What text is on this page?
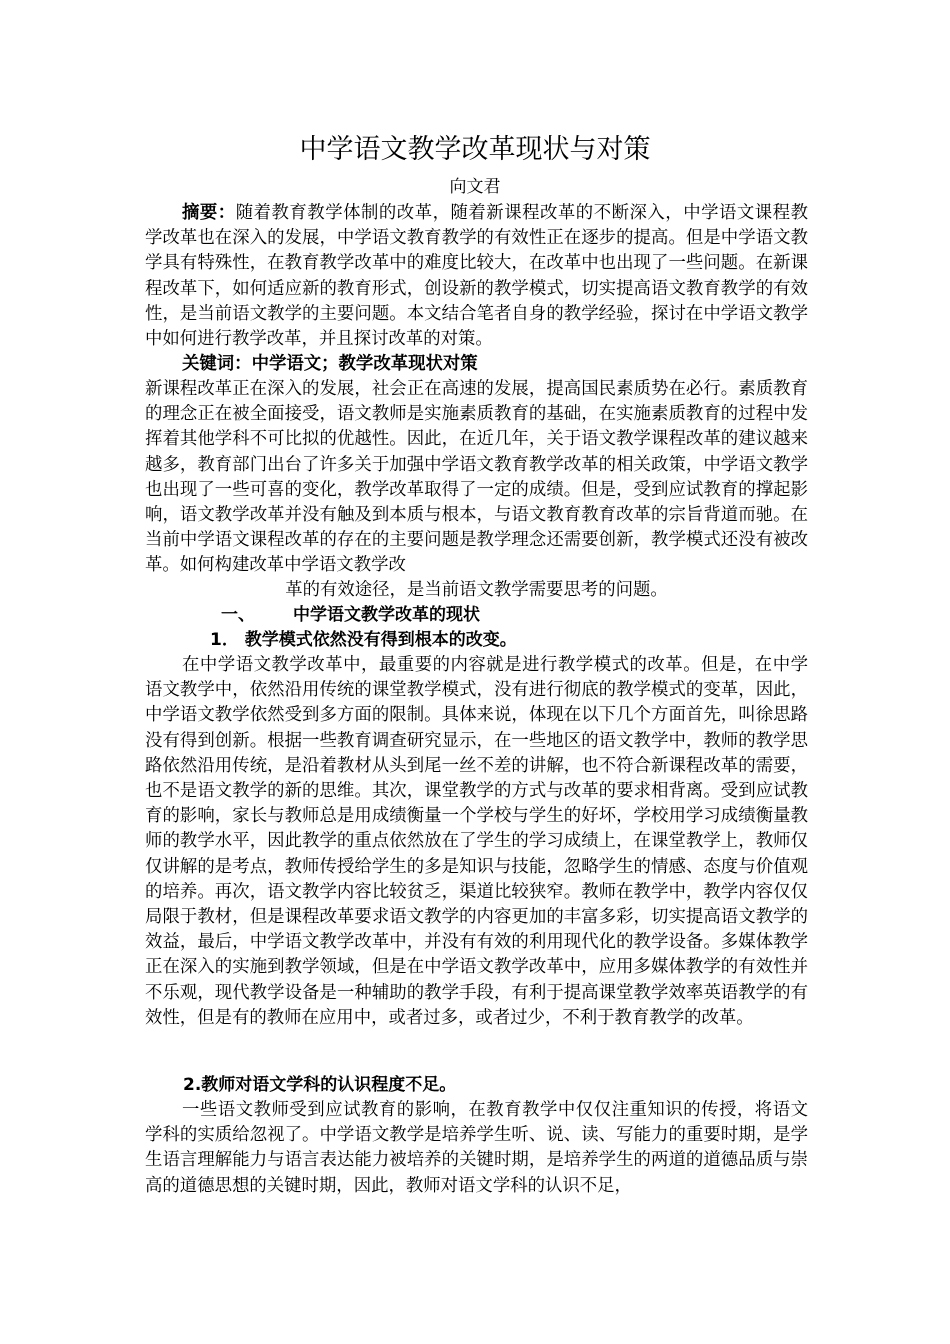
中学语文教学改革现状与对策

向文君

摘要：随着教育教学体制的改革，随着新课程改革的不断深入，中学语文课程教学改革也在深入的发展，中学语文教育教学的有效性正在逐步的提高。但是中学语文教学具有特殊性，在教育教学改革中的难度比较大，在改革中也出现了一些问题。在新课程改革下，如何适应新的教育形式，创设新的教学模式，切实提高语文教育教学的有效性，是当前语文教学的主要问题。本文结合笔者自身的教学经验，探讨在中学语文教学中如何进行教学改革，并且探讨改革的对策。

关键词：中学语文；教学改革现状对策

新课程改革正在深入的发展，社会正在高速的发展，提高国民素质势在必行。素质教育的理念正在被全面接受，语文教师是实施素质教育的基础，在实施素质教育的过程中发挥着其他学科不可比拟的优越性。因此，在近几年，关于语文教学课程改革的建议越来越多，教育部门出台了许多关于加强中学语文教育教学改革的相关政策，中学语文教学也出现了一些可喜的变化，教学改革取得了一定的成绩。但是，受到应试教育的撑起影响，语文教学改革并没有触及到本质与根本，与语文教育教育改革的宗旨背道而驰。在当前中学语文课程改革的存在的主要问题是教学理念还需要创新，教学模式还没有被改革。如何构建改革中学语文教学改

革的有效途径，是当前语文教学需要思考的问题。

一、 中学语文教学改革的现状

1． 教学模式依然没有得到根本的改变。

在中学语文教学改革中，最重要的内容就是进行教学模式的改革。但是，在中学语文教学中，依然沿用传统的课堂教学模式，没有进行彻底的教学模式的变革，因此，中学语文教学依然受到多方面的限制。具体来说，体现在以下几个方面首先，叫徐思路没有得到创新。根据一些教育调查研究显示，在一些地区的语文教学中，教师的教学思路依然沿用传统，是沿着教材从头到尾一丝不差的讲解，也不符合新课程改革的需要，也不是语文教学的新的思维。其次，课堂教学的方式与改革的要求相背离。受到应试教育的影响，家长与教师总是用成绩衡量一个学校与学生的好坏，学校用学习成绩衡量教师的教学水平，因此教学的重点依然放在了学生的学习成绩上，在课堂教学上，教师仅仅讲解的是考点，教师传授给学生的多是知识与技能，忽略学生的情感、态度与价值观的培养。再次，语文教学内容比较贫乏，渠道比较狭窄。教师在教学中，教学内容仅仅局限于教材，但是课程改革要求语文教学的内容更加的丰富多彩，切实提高语文教学的效益，最后，中学语文教学改革中，并没有有效的利用现代化的教学设备。多媒体教学正在深入的实施到教学领域，但是在中学语文教学改革中，应用多媒体教学的有效性并不乐观，现代教学设备是一种辅助的教学手段，有利于提高课堂教学效率英语教学的有效性，但是有的教师在应用中，或者过多，或者过少，不利于教育教学的改革。

2.教师对语文学科的认识程度不足。

一些语文教师受到应试教育的影响，在教育教学中仅仅注重知识的传授，将语文学科的实质给忽视了。中学语文教学是培养学生听、说、读、写能力的重要时期，是学生语言理解能力与语言表达能力被培养的关键时期，是培养学生的两道的道德品质与崇高的道德思想的关键时期，因此，教师对语文学科的认识不足，
